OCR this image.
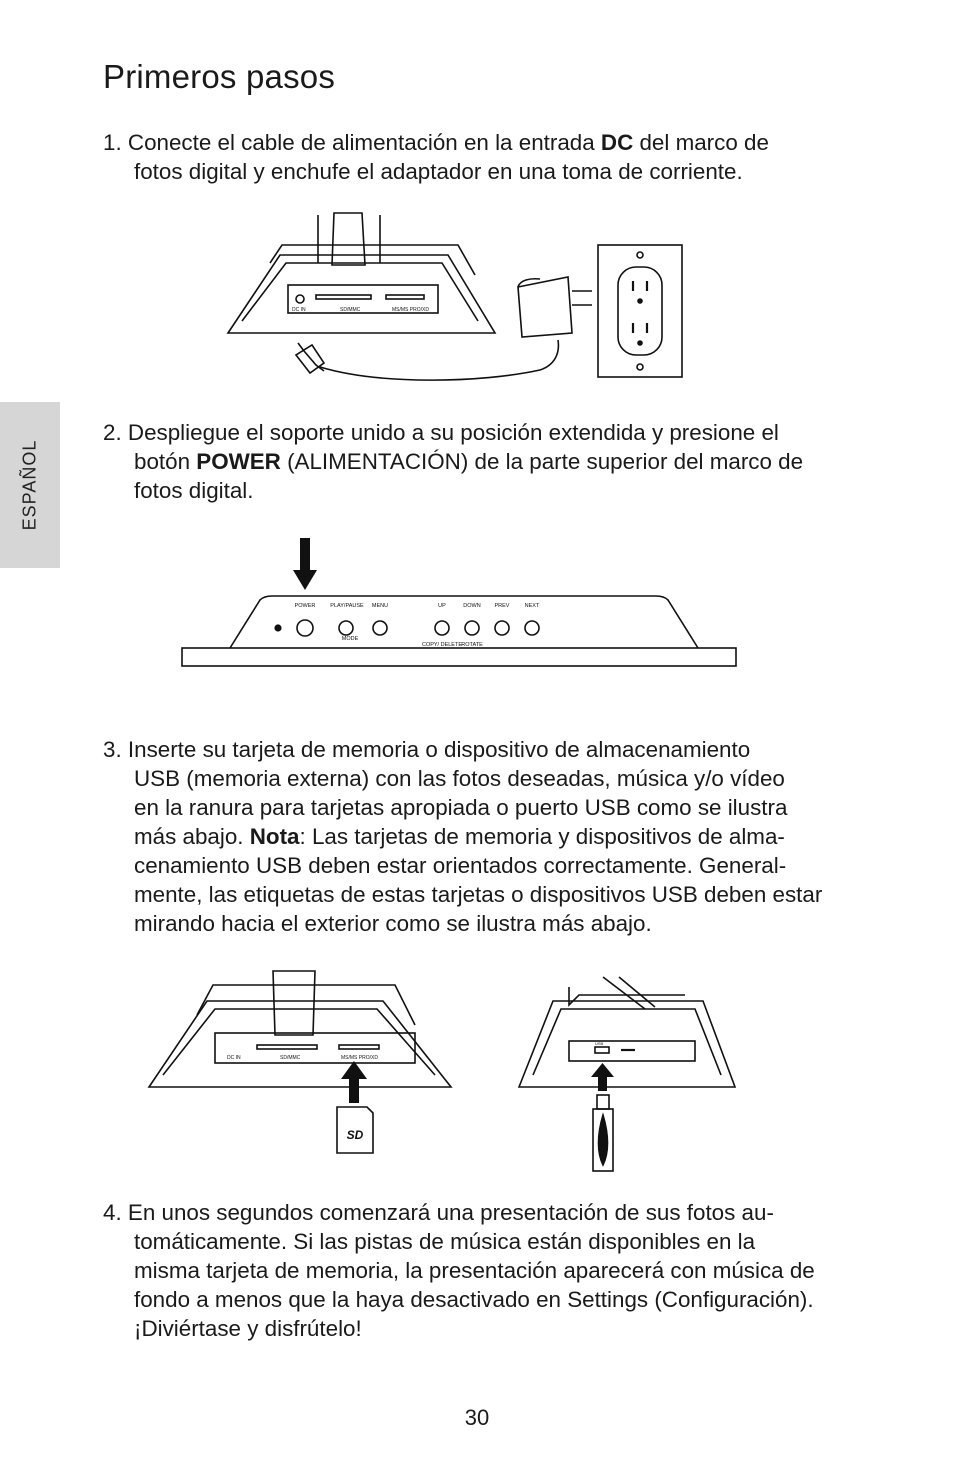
Primeros pasos
ESPAÑOL
1. Conecte el cable de alimentación en la entrada DC del marco de
fotos digital y enchufe el adaptador en una toma de corriente.
DC IN	SD/MMC	MS/MS PRO/XD
2. Despliegue el soporte unido a su posición extendida y presione el
botón POWER (ALIMENTACIÓN) de la parte superior del marco de
fotos digital.
POWER	PLAY/PAUSE MENU	UP	DOWN	PREV	NEXT
MODE
COPY/ DELETE ROTATE
3. Inserte su tarjeta de memoria o dispositivo de almacenamiento
USB (memoria externa) con las fotos deseadas, música y/o vídeo
en la ranura para tarjetas apropiada o puerto USB como se ilustra
más abajo. Nota: Las tarjetas de memoria y dispositivos de alma-
cenamiento USB deben estar orientados correctamente. General-
mente, las etiquetas de estas tarjetas o dispositivos USB deben estar
mirando hacia el exterior como se ilustra más abajo.
DC IN	SD/MMC	MS/MS PRO/XD
SD
USB
4. En unos segundos comenzará una presentación de sus fotos au-
tomáticamente. Si las pistas de música están disponibles en la
misma tarjeta de memoria, la presentación aparecerá con música de
fondo a menos que la haya desactivado en Settings (Configuración).
¡Diviértase y disfrútelo!
30
